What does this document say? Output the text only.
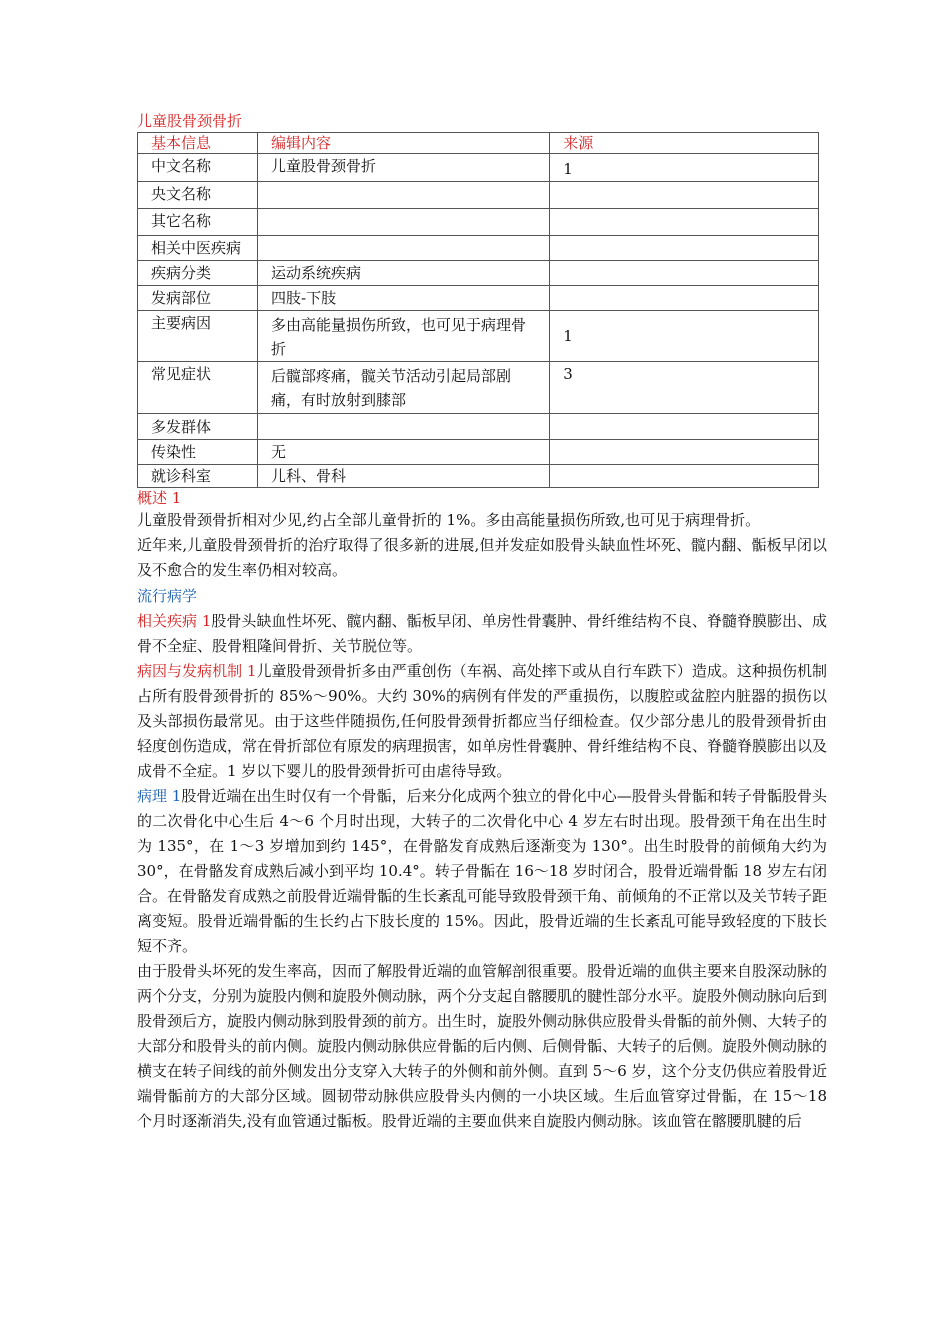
儿童股骨颈骨折
基本信息	编辑内容	来源
中文名称	儿童股骨颈骨折	1
央文名称		
其它名称		
相关中医疾病		
疾病分类	运动系统疾病	
发病部位	四肢-下肢	
主要病因	多由高能量损伤所致，也可见于病理骨折	1
常见症状	后髋部疼痛，髋关节活动引起局部剧痛，有时放射到膝部	3
多发群体		
传染性	无	
就诊科室	儿科、骨科	
概述 1

儿童股骨颈骨折相对少见,约占全部儿童骨折的 1%。多由高能量损伤所致,也可见于病理骨折。

近年来,儿童股骨颈骨折的治疗取得了很多新的进展,但并发症如股骨头缺血性坏死、髋内翻、骺板早闭以及不愈合的发生率仍相对较高。

流行病学

相关疾病 1股骨头缺血性坏死、髋内翻、骺板早闭、单房性骨囊肿、骨纤维结构不良、脊髓脊膜膨出、成骨不全症、股骨粗隆间骨折、关节脱位等。

病因与发病机制 1儿童股骨颈骨折多由严重创伤（车祸、高处摔下或从自行车跌下）造成。这种损伤机制占所有股骨颈骨折的 85%～90%。大约 30%的病例有伴发的严重损伤，以腹腔或盆腔内脏器的损伤以及头部损伤最常见。由于这些伴随损伤,任何股骨颈骨折都应当仔细检查。仅少部分患儿的股骨颈骨折由轻度创伤造成，常在骨折部位有原发的病理损害，如单房性骨囊肿、骨纤维结构不良、脊髓脊膜膨出以及成骨不全症。1 岁以下婴儿的股骨颈骨折可由虐待导致。

病理 1股骨近端在出生时仅有一个骨骺，后来分化成两个独立的骨化中心—股骨头骨骺和转子骨骺股骨头的二次骨化中心生后 4～6 个月时出现，大转子的二次骨化中心 4 岁左右时出现。股骨颈干角在出生时为 135°，在 1～3 岁增加到约 145°，在骨骼发育成熟后逐渐变为 130°。出生时股骨的前倾角大约为 30°，在骨骼发育成熟后减小到平均 10.4°。转子骨骺在 16～18 岁时闭合，股骨近端骨骺 18 岁左右闭合。在骨骼发育成熟之前股骨近端骨骺的生长紊乱可能导致股骨颈干角、前倾角的不正常以及关节转子距离变短。股骨近端骨骺的生长约占下肢长度的 15%。因此，股骨近端的生长紊乱可能导致轻度的下肢长短不齐。

由于股骨头坏死的发生率高，因而了解股骨近端的血管解剖很重要。股骨近端的血供主要来自股深动脉的两个分支，分别为旋股内侧和旋股外侧动脉，两个分支起自髂腰肌的腱性部分水平。旋股外侧动脉向后到股骨颈后方，旋股内侧动脉到股骨颈的前方。出生时，旋股外侧动脉供应股骨头骨骺的前外侧、大转子的大部分和股骨头的前内侧。旋股内侧动脉供应骨骺的后内侧、后侧骨骺、大转子的后侧。旋股外侧动脉的横支在转子间线的前外侧发出分支穿入大转子的外侧和前外侧。直到 5～6 岁，这个分支仍供应着股骨近端骨骺前方的大部分区域。圆韧带动脉供应股骨头内侧的一小块区域。生后血管穿过骨骺，在 15～18 个月时逐渐消失,没有血管通过骺板。股骨近端的主要血供来自旋股内侧动脉。该血管在髂腰肌腱的后
